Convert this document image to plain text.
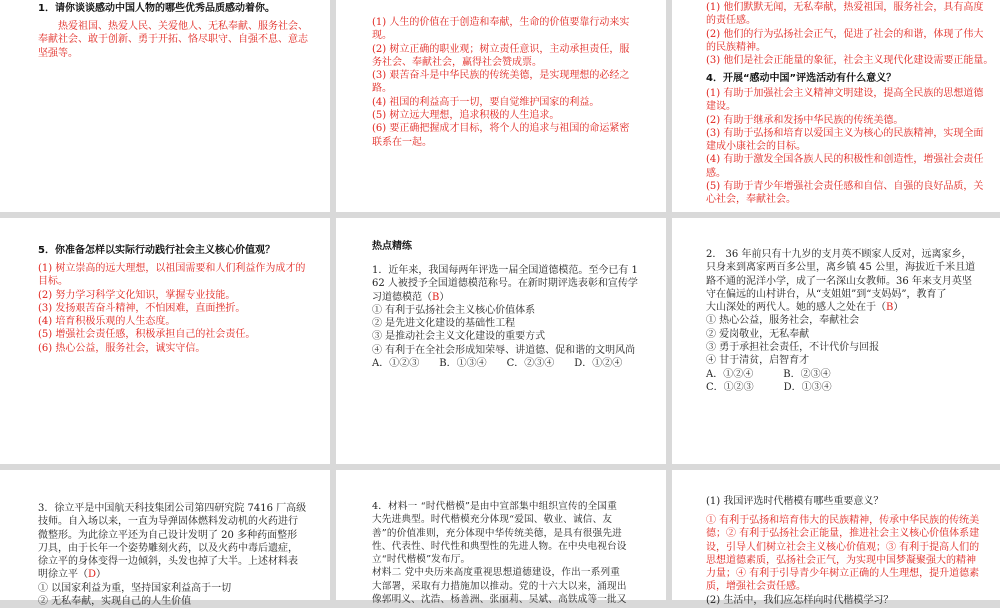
1．请你谈谈感动中国人物的哪些优秀品质感动着你。
热爱祖国、热爱人民、关爱他人、无私奉献、服务社会、
奉献社会、敢于创新、勇于开拓、恪尽职守、自强不息、意志
坚强等。
(1) 人生的价值在于创造和奉献，生命的价值要靠行动来实
现。
(2) 树立正确的职业观；树立责任意识，主动承担责任，服
务社会、奉献社会，赢得社会赞成票。
(3) 艰苦奋斗是中华民族的传统美德，是实现理想的必经之
路。
(4) 祖国的利益高于一切，要自觉维护国家的利益。
(5) 树立远大理想，追求积极的人生追求。
(6) 要正确把握成才目标，将个人的追求与祖国的命运紧密
联系在一起。
(1) 他们默默无闻，无私奉献，热爱祖国，服务社会，具有高度
的责任感。
(2) 他们的行为弘扬社会正气，促进了社会的和谐，体现了伟大
的民族精神。
(3) 他们是社会正能量的象征，社会主义现代化建设需要正能量。
4．开展“感动中国”评选活动有什么意义？
(1) 有助于加强社会主义精神文明建设，提高全民族的思想道德
建设。
(2) 有助于继承和发扬中华民族的传统美德。
(3) 有助于弘扬和培育以爱国主义为核心的民族精神，实现全面
建成小康社会的目标。
(4) 有助于激发全国各族人民的积极性和创造性，增强社会责任
感。
(5) 有助于青少年增强社会责任感和自信、自强的良好品质，关
心社会，奉献社会。
5．你准备怎样以实际行动践行社会主义核心价值观？
(1) 树立崇高的远大理想，以祖国需要和人们利益作为成才的
目标。
(2) 努力学习科学文化知识，掌握专业技能。
(3) 发扬艰苦奋斗精神，不怕困难，直面挫折。
(4) 培育积极乐观的人生态度。
(5) 增强社会责任感，积极承担自己的社会责任。
(6) 热心公益，服务社会，诚实守信。
热点精练
1．近年来，我国每两年评选一届全国道德模范。至今已有 1
62 人被授予全国道德模范称号。在新时期评选表彰和宣传学
习道德模范（B）
① 有利于弘扬社会主义核心价值体系
② 是先进文化建设的基础性工程
③ 是推动社会主义文化建设的重要方式
④ 有利于在全社会形成知荣辱、讲道德、促和谐的文明风尚
A．①②③　　B．①③④　　C．②③④　　D．①②④
2． 36 年前只有十九岁的支月英不顾家人反对，远离家乡，
只身来到离家两百多公里，离乡镇 45 公里，海拔近千米且道
路不通的泥洋小学，成了一名深山女教师。36 年来支月英坚
守在偏远的山村讲台，从“支姐姐”到“支妈妈”，教育了
大山深处的两代人。她的感人之处在于（B）
① 热心公益，服务社会，奉献社会
② 爱岗敬业，无私奉献
③ 勇于承担社会责任，不计代价与回报
④ 甘于清贫，启智育才
A．①②④　　　B．②③④
C．①②③　　　D．①③④
3．徐立平是中国航天科技集团公司第四研究院 7416 厂高级
技师。自入场以来，一直为导弹固体燃料发动机的火药进行
微整形。为此徐立平还为自己设计发明了 20 多种药面整形
刀具，由于长年一个姿势雕刻火药，以及火药中毒后遗症，
徐立平的身体变得一边倾斜，头发也掉了大半。上述材料表
明徐立平（D）
① 以国家利益为重，坚持国家利益高于一切
② 无私奉献，实现自己的人生价值
4．材料一 “时代楷模”是由中宣部集中组织宣传的全国重
大先进典型。时代楷模充分体现“爱国、敬业、诚信、友
善”的价值准则，充分体现中华传统美德，是具有很强先进
性、代表性、时代性和典型性的先进人物。在中央电视台设
立“时代楷模”发布厅。
材料二 党中央历来高度重视思想道德建设，作出一系列重
大部署，采取有力措施加以推动。党的十六大以来，涌现出
像郭明义、沈浩、杨善洲、张丽莉、吴斌、高铁成等一批又
(1) 我国评选时代楷模有哪些重要意义？
① 有利于弘扬和培育伟大的民族精神，传承中华民族的传统美
德；② 有利于弘扬社会正能量，推进社会主义核心价值体系建
设，引导人们树立社会主义核心价值观；③ 有利于提高人们的
思想道德素质，弘扬社会正气，为实现中国梦凝聚强大的精神
力量；④ 有利于引导青少年树立正确的人生理想，提升道德素
质，增强社会责任感。
(2) 生活中，我们应怎样向时代楷模学习？
